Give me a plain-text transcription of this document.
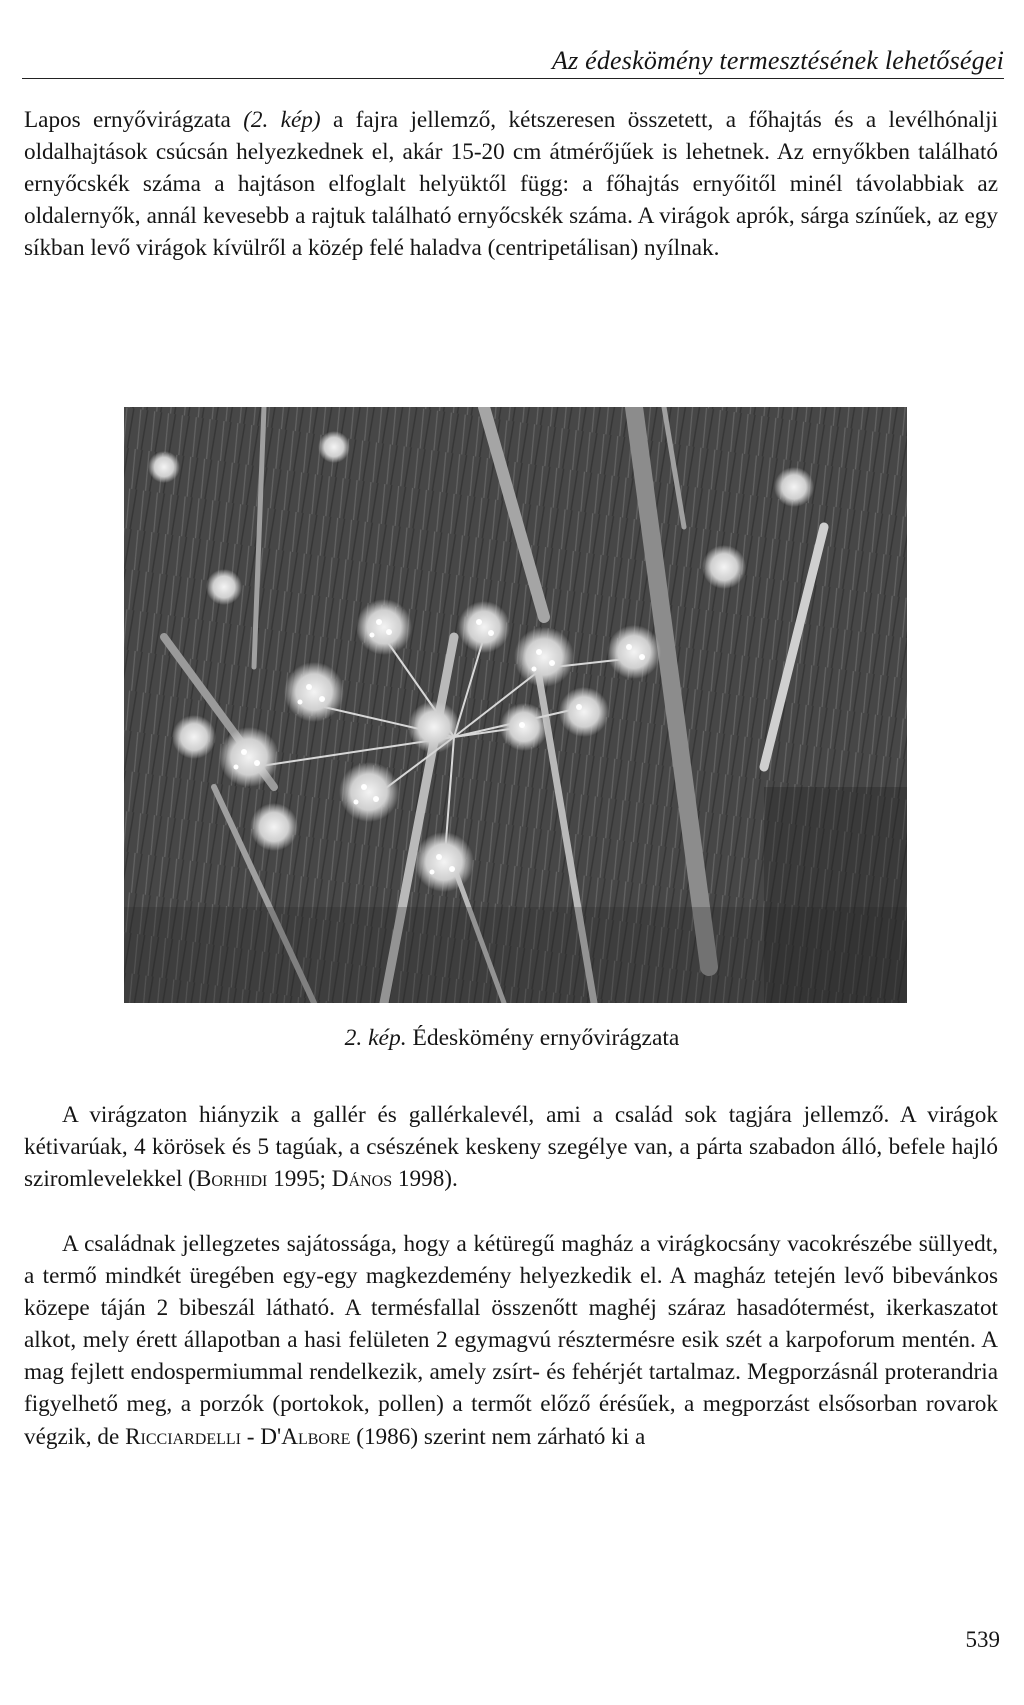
Az édeskömény termesztésének lehetőségei

Lapos ernyővirágzata (2. kép) a fajra jellemző, kétszeresen összetett, a főhajtás és a levélhónalji oldalhajtások csúcsán helyezkednek el, akár 15-20 cm átmérőjűek is lehetnek. Az ernyőkben található ernyőcskék száma a hajtáson elfoglalt helyüktől függ: a főhajtás ernyőitől minél távolabbiak az oldalernyők, annál kevesebb a rajtuk található ernyőcskék száma. A virágok aprók, sárga színűek, az egy síkban levő virágok kívülről a közép felé haladva (centripetálisan) nyílnak.

2. kép. Édeskömény ernyővirágzata

A virágzaton hiányzik a gallér és gallérkalevél, ami a család sok tagjára jellemző. A virágok kétivarúak, 4 körösek és 5 tagúak, a csészének keskeny szegélye van, a párta szabadon álló, befele hajló sziromlevelekkel (Borhidi 1995; Dános 1998).

A családnak jellegzetes sajátossága, hogy a kétüregű magház a virágkocsány vacokrészébe süllyedt, a termő mindkét üregében egy-egy magkezdemény helyezkedik el. A magház tetején levő bibevánkos közepe táján 2 bibeszál látható. A termésfallal összenőtt maghéj száraz hasadótermést, ikerkaszatot alkot, mely érett állapotban a hasi felületen 2 egymagvú résztermésre esik szét a karpoforum mentén. A mag fejlett endospermiummal rendelkezik, amely zsírt- és fehérjét tartalmaz. Megporzásnál proterandria figyelhető meg, a porzók (portokok, pollen) a termőt előző érésűek, a megporzást elsősorban rovarok végzik, de Ricciardelli - D'Albore (1986) szerint nem zárható ki a

539
